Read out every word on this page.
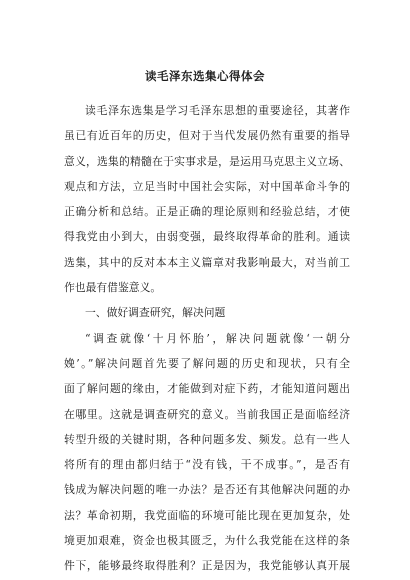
读毛泽东选集心得体会
读毛泽东选集是学习毛泽东思想的重要途径，其著作
虽已有近百年的历史，但对于当代发展仍然有重要的指导
意义，选集的精髓在于实事求是，是运用马克思主义立场、
观点和方法，立足当时中国社会实际，对中国革命斗争的
正确分析和总结。正是正确的理论原则和经验总结，才使
得我党由小到大，由弱变强，最终取得革命的胜利。通读
选集，其中的反对本本主义篇章对我影响最大，对当前工
作也最有借鉴意义。
一、做好调查研究，解决问题
“调查就像‘十月怀胎’，解决问题就像‘一朝分
娩’。”解决问题首先要了解问题的历史和现状，只有全
面了解问题的缘由，才能做到对症下药，才能知道问题出
在哪里。这就是调查研究的意义。当前我国正是面临经济
转型升级的关键时期，各种问题多发、频发。总有一些人
将所有的理由都归结于“没有钱，干不成事。”，是否有
钱成为解决问题的唯一办法？是否还有其他解决问题的办
法？革命初期，我党面临的环境可能比现在更加复杂，处
境更加艰难，资金也极其匮乏，为什么我党能在这样的条
件下，能够最终取得胜利？正是因为，我党能够认真开展
